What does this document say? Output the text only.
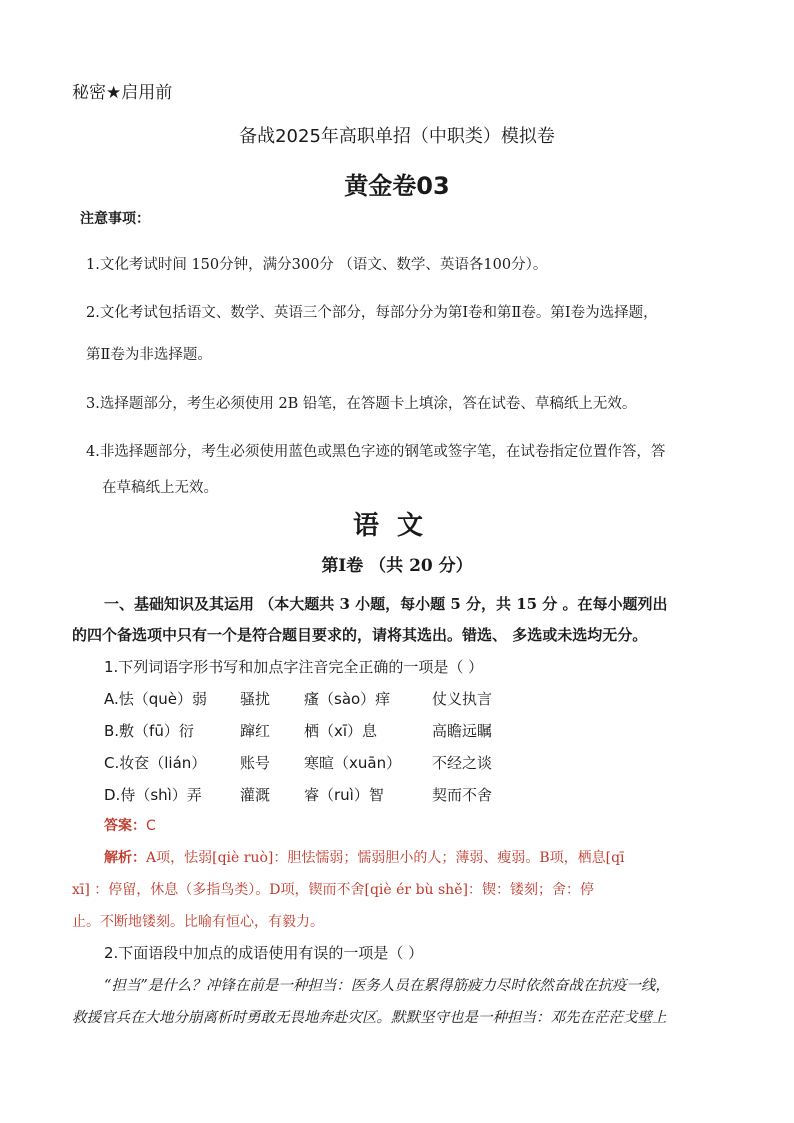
秘密★启用前
备战2025年高职单招（中职类）模拟卷
黄金卷03
注意事项：
1.文化考试时间 150分钟，满分300分 （语文、数学、英语各100分）。
2.文化考试包括语文、数学、英语三个部分，每部分分为第Ⅰ卷和第Ⅱ卷。第Ⅰ卷为选择题，
第Ⅱ卷为非选择题。
3.选择题部分，考生必须使用 2B 铅笔，在答题卡上填涂，答在试卷、草稿纸上无效。
4.非选择题部分，考生必须使用蓝色或黑色字迹的钢笔或签字笔，在试卷指定位置作答，答
在草稿纸上无效。
语文
第Ⅰ卷 （共 20 分）
一、基础知识及其运用 （本大题共 3 小题，每小题 5 分，共 15 分 。在每小题列出
的四个备选项中只有一个是符合题目要求的，请将其选出。错选、 多选或未选均无分。
1.下列词语字形书写和加点字注音完全正确的一项是（ ）
A.怯（què）弱 骚扰 瘙（sào）痒	仗义执言
B.敷（fū）衍	蹿红 栖（xī）息	高瞻远瞩
C.妆奁（lián） 账号 寒暄（xuān） 不经之谈
D.侍（shì）弄	灌溉 睿（ruì）智	契而不舍
答案：C
解析：A项，怯弱[qiè ruò]：胆怯懦弱；懦弱胆小的人；薄弱、瘦弱。B项，栖息[qī
xī] ：停留，休息（多指鸟类）。D项，锲而不舍[qiè ér bù shě]：锲：镂刻；舍：停
止。不断地镂刻。比喻有恒心，有毅力。
2.下面语段中加点的成语使用有误的一项是（ ）
“担当”是什么？冲锋在前是一种担当：医务人员在累得筋疲力尽时依然奋战在抗疫一线，
救援官兵在大地分崩离析时勇敢无畏地奔赴灾区。默默坚守也是一种担当：邓先在茫茫戈壁上
